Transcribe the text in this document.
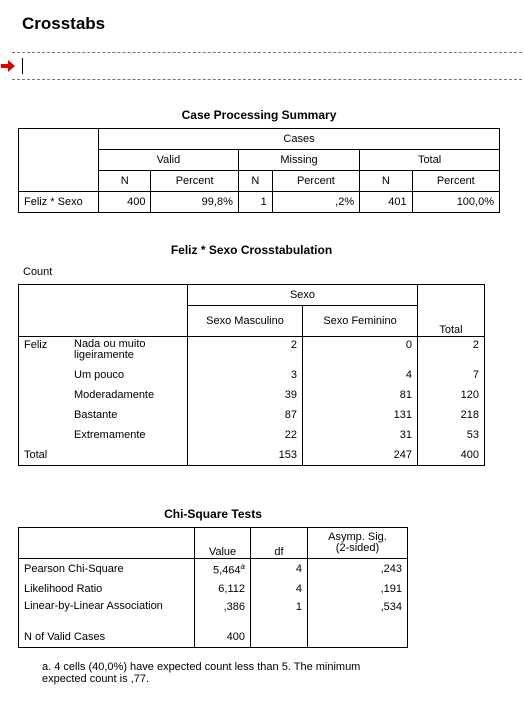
Crosstabs
Case Processing Summary
	Cases					
	Valid		Missing		Total	
	N	Percent	N	Percent	N	Percent
Feliz * Sexo	400	99,8%	1	,2%	401	100,0%
Feliz * Sexo Crosstabulation
Count
		Sexo		Total
		Sexo Masculino	Sexo Feminino	
Feliz	Nada ou muito ligeiramente	2	0	2
	Um pouco	3	4	7
	Moderadamente	39	81	120
	Bastante	87	131	218
	Extremamente	22	31	53
Total		153	247	400
Chi-Square Tests
	Value	df	Asymp. Sig. (2-sided)
Pearson Chi-Square	5,464$^a$	4	,243
Likelihood Ratio	6,112	4	,191
Linear-by-Linear Association	,386	1	,534
N of Valid Cases	400		
a. 4 cells (40,0%) have expected count less than 5. The minimum expected count is ,77.
